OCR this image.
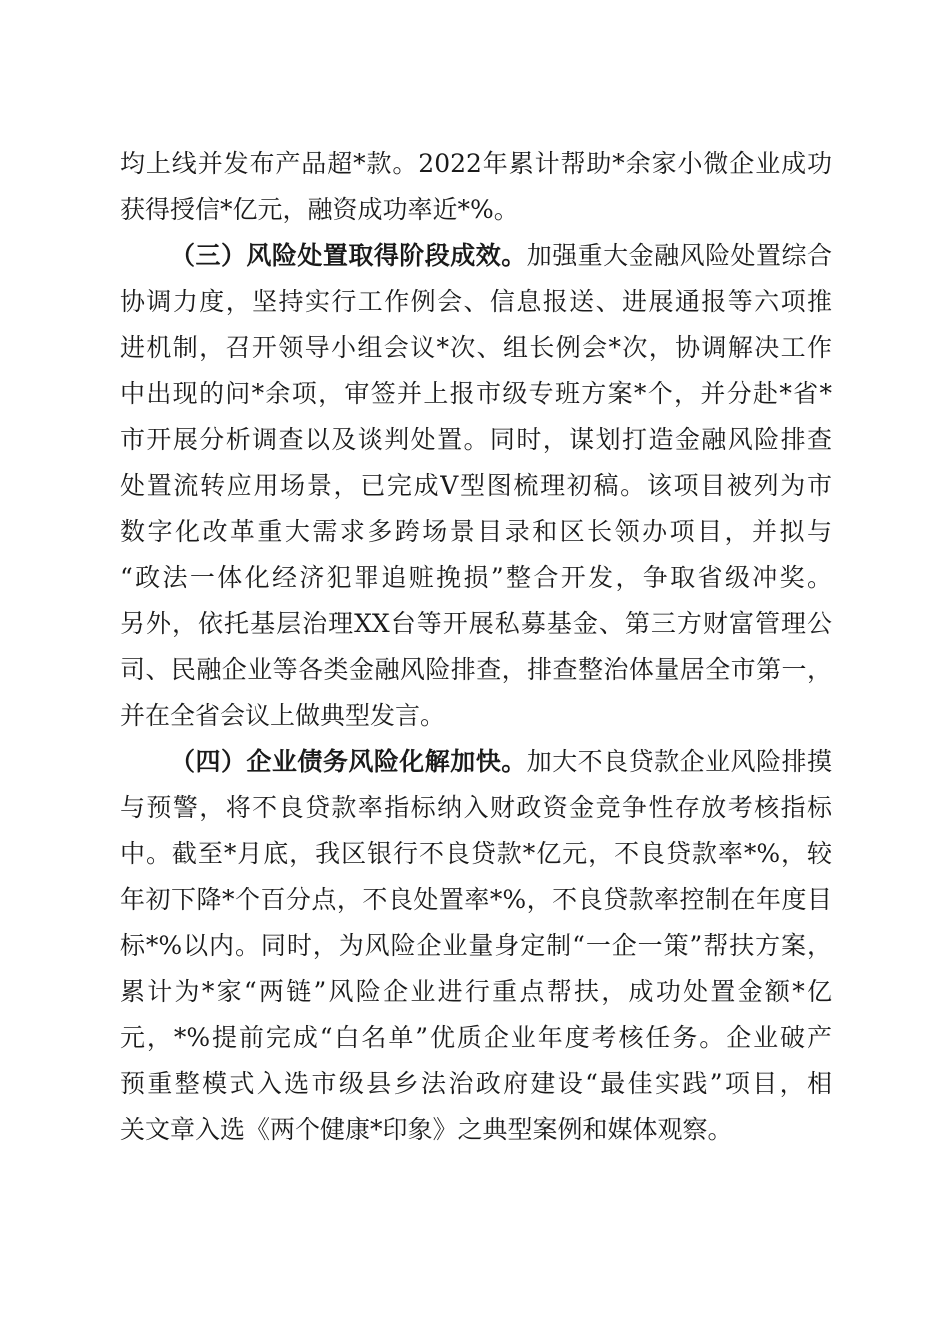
均上线并发布产品超*款。2022年累计帮助*余家小微企业成功
获得授信*亿元，融资成功率近*%。
（三）风险处置取得阶段成效。加强重大金融风险处置综合
协调力度，坚持实行工作例会、信息报送、进展通报等六项推
进机制，召开领导小组会议*次、组长例会*次，协调解决工作
中出现的问*余项，审签并上报市级专班方案*个，并分赴*省*
市开展分析调查以及谈判处置。同时，谋划打造金融风险排查
处置流转应用场景，已完成V型图梳理初稿。该项目被列为市
数字化改革重大需求多跨场景目录和区长领办项目，并拟与
“政法一体化经济犯罪追赃挽损”整合开发，争取省级冲奖。
另外，依托基层治理XX台等开展私募基金、第三方财富管理公
司、民融企业等各类金融风险排查，排查整治体量居全市第一，
并在全省会议上做典型发言。
（四）企业债务风险化解加快。加大不良贷款企业风险排摸
与预警，将不良贷款率指标纳入财政资金竞争性存放考核指标
中。截至*月底，我区银行不良贷款*亿元，不良贷款率*%，较
年初下降*个百分点，不良处置率*%，不良贷款率控制在年度目
标*%以内。同时，为风险企业量身定制“一企一策”帮扶方案，
累计为*家“两链”风险企业进行重点帮扶，成功处置金额*亿
元，*%提前完成“白名单”优质企业年度考核任务。企业破产
预重整模式入选市级县乡法治政府建设“最佳实践”项目，相
关文章入选《两个健康*印象》之典型案例和媒体观察。
